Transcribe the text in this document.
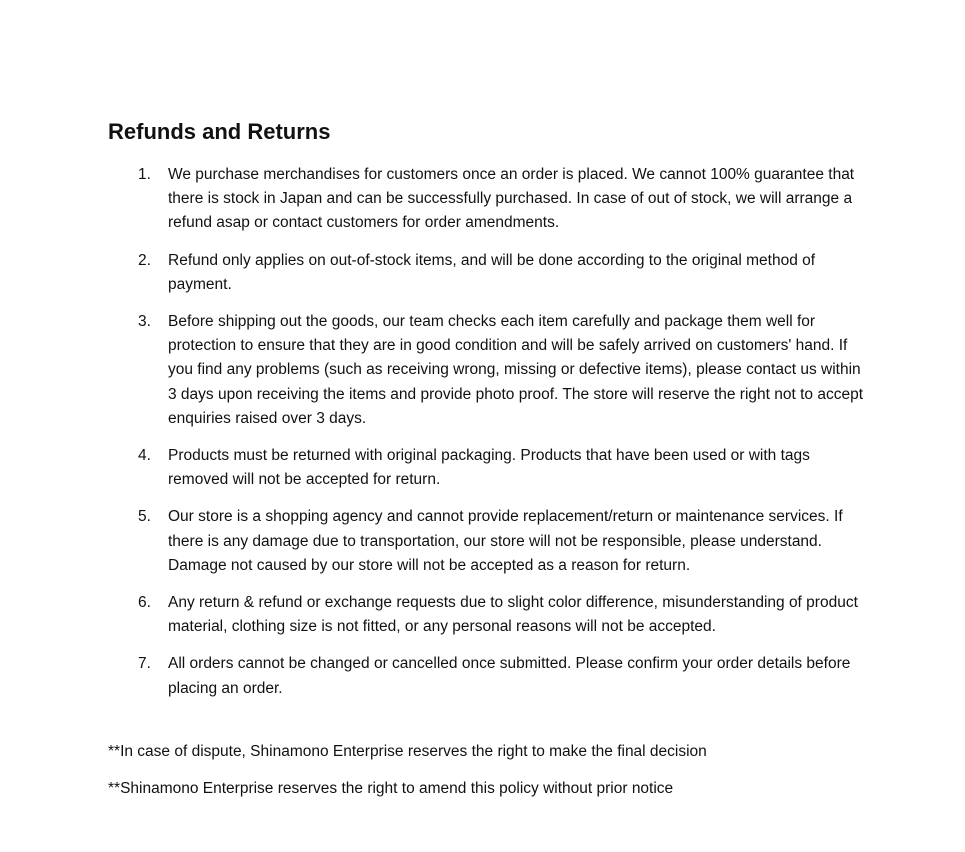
Refunds and Returns
1. We purchase merchandises for customers once an order is placed. We cannot 100% guarantee that there is stock in Japan and can be successfully purchased. In case of out of stock, we will arrange a refund asap or contact customers for order amendments.
2. Refund only applies on out-of-stock items, and will be done according to the original method of payment.
3. Before shipping out the goods, our team checks each item carefully and package them well for protection to ensure that they are in good condition and will be safely arrived on customers' hand. If you find any problems (such as receiving wrong, missing or defective items), please contact us within 3 days upon receiving the items and provide photo proof. The store will reserve the right not to accept enquiries raised over 3 days.
4. Products must be returned with original packaging. Products that have been used or with tags removed will not be accepted for return.
5. Our store is a shopping agency and cannot provide replacement/return or maintenance services. If there is any damage due to transportation, our store will not be responsible, please understand. Damage not caused by our store will not be accepted as a reason for return.
6. Any return & refund or exchange requests due to slight color difference, misunderstanding of product material, clothing size is not fitted, or any personal reasons will not be accepted.
7. All orders cannot be changed or cancelled once submitted. Please confirm your order details before placing an order.

**In case of dispute, Shinamono Enterprise reserves the right to make the final decision

**Shinamono Enterprise reserves the right to amend this policy without prior notice
